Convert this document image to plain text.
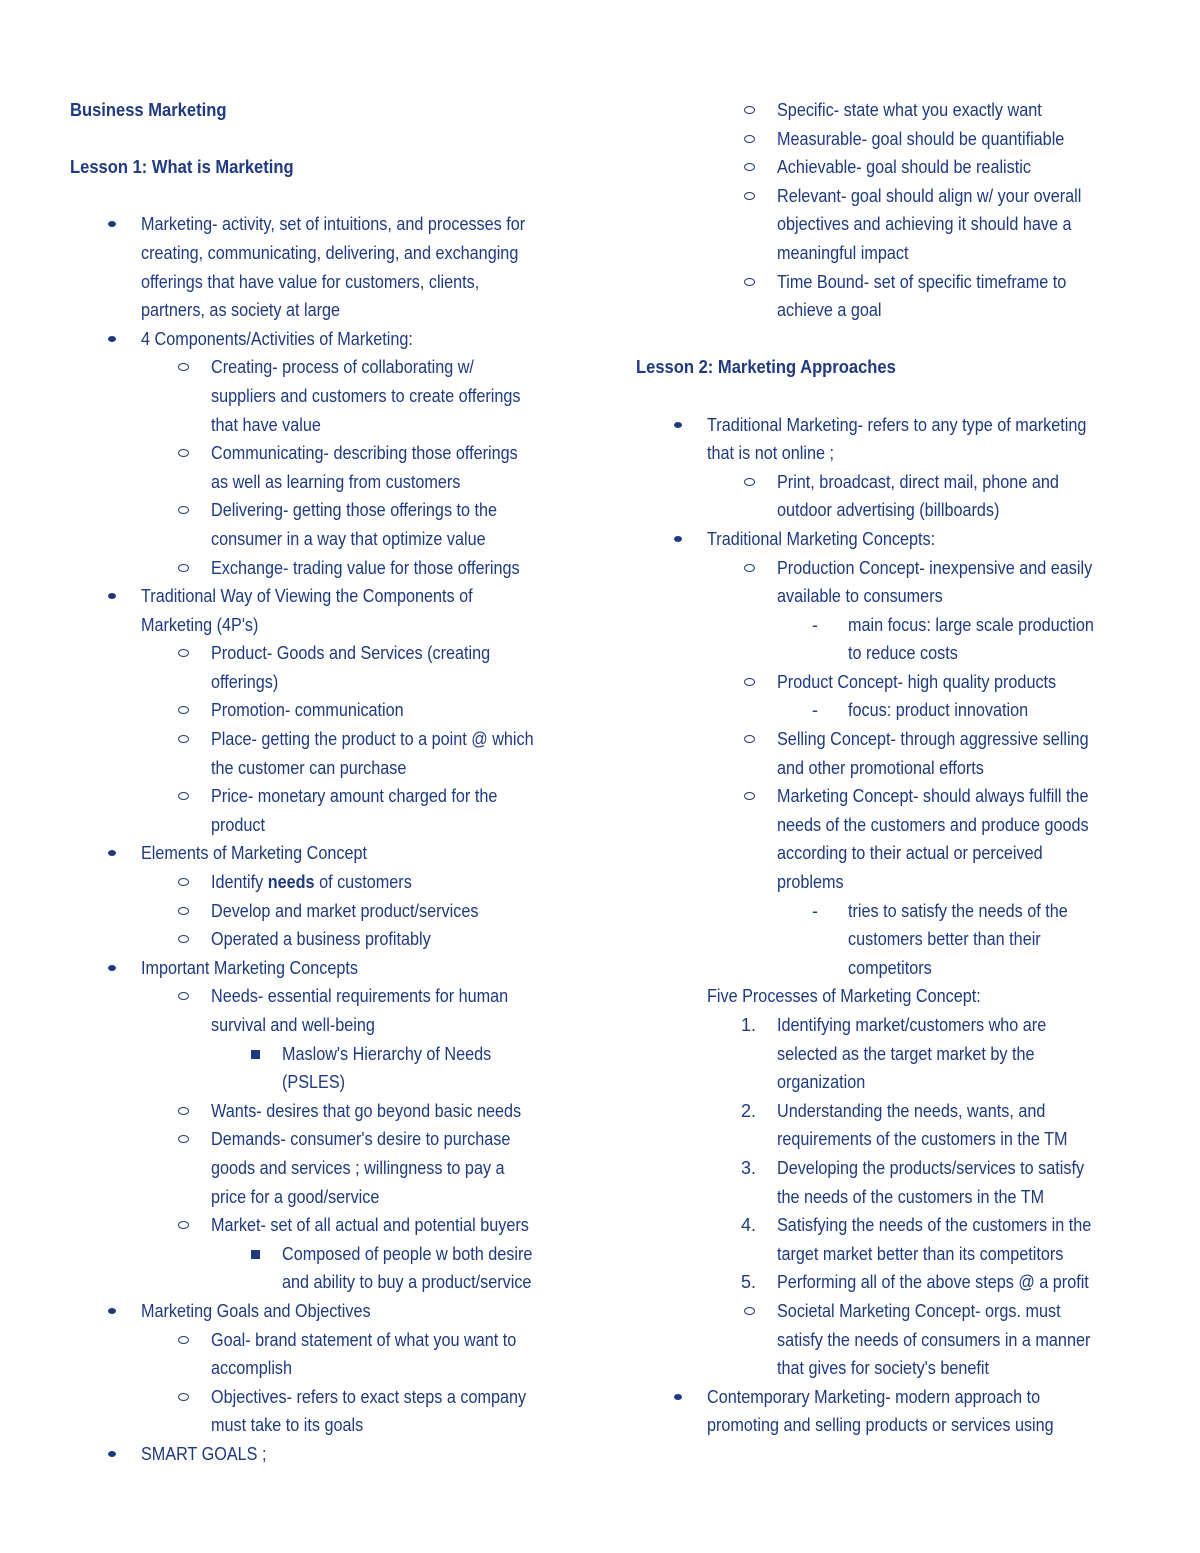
Business Marketing
Lesson 1: What is Marketing
Marketing- activity, set of intuitions, and processes for
creating, communicating, delivering, and exchanging
offerings that have value for customers, clients,
partners, as society at large
4 Components/Activities of Marketing:
Creating- process of collaborating w/
suppliers and customers to create offerings
that have value
Communicating- describing those offerings
as well as learning from customers
Delivering- getting those offerings to the
consumer in a way that optimize value
Exchange- trading value for those offerings
Traditional Way of Viewing the Components of
Marketing (4P's)
Product- Goods and Services (creating
offerings)
Promotion- communication
Place- getting the product to a point @ which
the customer can purchase
Price- monetary amount charged for the
product
Elements of Marketing Concept
Identify needs of customers
Develop and market product/services
Operated a business profitably
Important Marketing Concepts
Needs- essential requirements for human
survival and well-being
Maslow's Hierarchy of Needs
(PSLES)
Wants- desires that go beyond basic needs
Demands- consumer's desire to purchase
goods and services ; willingness to pay a
price for a good/service
Market- set of all actual and potential buyers
Composed of people w both desire
and ability to buy a product/service
Marketing Goals and Objectives
Goal- brand statement of what you want to
accomplish
Objectives- refers to exact steps a company
must take to its goals
SMART GOALS ;
Specific- state what you exactly want
Measurable- goal should be quantifiable
Achievable- goal should be realistic
Relevant- goal should align w/ your overall
objectives and achieving it should have a
meaningful impact
Time Bound- set of specific timeframe to
achieve a goal
Lesson 2: Marketing Approaches
Traditional Marketing- refers to any type of marketing
that is not online ;
Print, broadcast, direct mail, phone and
outdoor advertising (billboards)
Traditional Marketing Concepts:
Production Concept- inexpensive and easily
available to consumers
- main focus: large scale production
to reduce costs
Product Concept- high quality products
- focus: product innovation
Selling Concept- through aggressive selling
and other promotional efforts
Marketing Concept- should always fulfill the
needs of the customers and produce goods
according to their actual or perceived
problems
- tries to satisfy the needs of the
customers better than their
competitors
Five Processes of Marketing Concept:
1. Identifying market/customers who are
selected as the target market by the
organization
2. Understanding the needs, wants, and
requirements of the customers in the TM
3. Developing the products/services to satisfy
the needs of the customers in the TM
4. Satisfying the needs of the customers in the
target market better than its competitors
5. Performing all of the above steps @ a profit
Societal Marketing Concept- orgs. must
satisfy the needs of consumers in a manner
that gives for society's benefit
Contemporary Marketing- modern approach to
promoting and selling products or services using
